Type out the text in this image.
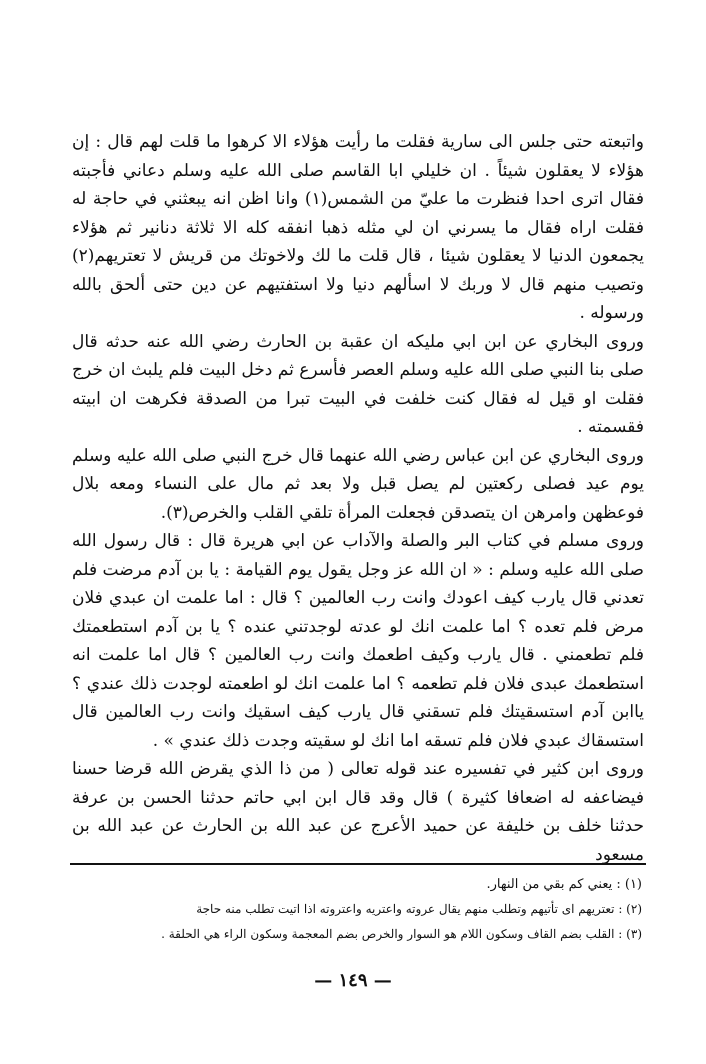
واتبعته حتى جلس الى سارية فقلت ما رأيت هؤلاء الا كرهوا ما قلت لهم قال : إن هؤلاء لا يعقلون شيئاً . ان خليلي ابا القاسم صلى الله عليه وسلم دعاني فأجبته فقال اترى احدا فنظرت ما عليّ من الشمس(١) وانا اظن انه يبعثني في حاجة له فقلت اراه فقال ما يسرني ان لي مثله ذهبا انفقه كله الا ثلاثة دنانير ثم هؤلاء يجمعون الدنيا لا يعقلون شيئا ، قال قلت ما لك ولاخوتك من قريش لا تعتريهم(٢) وتصيب منهم قال لا وربك لا اسألهم دنيا ولا استفتيهم عن دين حتى ألحق بالله ورسوله .

وروى البخاري عن ابن ابي مليكه ان عقبة بن الحارث رضي الله عنه حدثه قال صلى بنا النبي صلى الله عليه وسلم العصر فأسرع ثم دخل البيت فلم يلبث ان خرج فقلت او قيل له فقال كنت خلفت في البيت تبرا من الصدقة فكرهت ان ابيته فقسمته .

وروى البخاري عن ابن عباس رضي الله عنهما قال خرج النبي صلى الله عليه وسلم يوم عيد فصلى ركعتين لم يصل قبل ولا بعد ثم مال على النساء ومعه بلال فوعظهن وامرهن ان يتصدقن فجعلت المرأة تلقي القلب والخرص(٣).

وروى مسلم في كتاب البر والصلة والآداب عن ابي هريرة قال : قال رسول الله صلى الله عليه وسلم : « ان الله عز وجل يقول يوم القيامة : يا بن آدم مرضت فلم تعدني قال يارب كيف اعودك وانت رب العالمين ؟ قال : اما علمت ان عبدي فلان مرض فلم تعده ؟ اما علمت انك لو عدته لوجدتني عنده ؟ يا بن آدم استطعمتك فلم تطعمني . قال يارب وكيف اطعمك وانت رب العالمين ؟ قال اما علمت انه استطعمك عبدى فلان فلم تطعمه ؟ اما علمت انك لو اطعمته لوجدت ذلك عندي ؟ ياابن آدم استسقيتك فلم تسقني قال يارب كيف اسقيك وانت رب العالمين قال استسقاك عبدي فلان فلم تسقه اما انك لو سقيته وجدت ذلك عندي » .

وروى ابن كثير في تفسيره عند قوله تعالى ( من ذا الذي يقرض الله قرضا حسنا فيضاعفه له اضعافا كثيرة ) قال وقد قال ابن ابي حاتم حدثنا الحسن بن عرفة حدثنا خلف بن خليفة عن حميد الأعرج عن عبد الله بن الحارث عن عبد الله بن مسعود

(١) : يعني كم بقي من النهار.

(٢) : تعتريهم اى تأتيهم وتطلب منهم يقال عروته واعتريه واعتروته اذا اتيت تطلب منه حاجة

(٣) : القلب بضم القاف وسكون اللام هو السوار والخرص بضم المعجمة وسكون الراء هي الحلقة .

— ١٤٩ —
